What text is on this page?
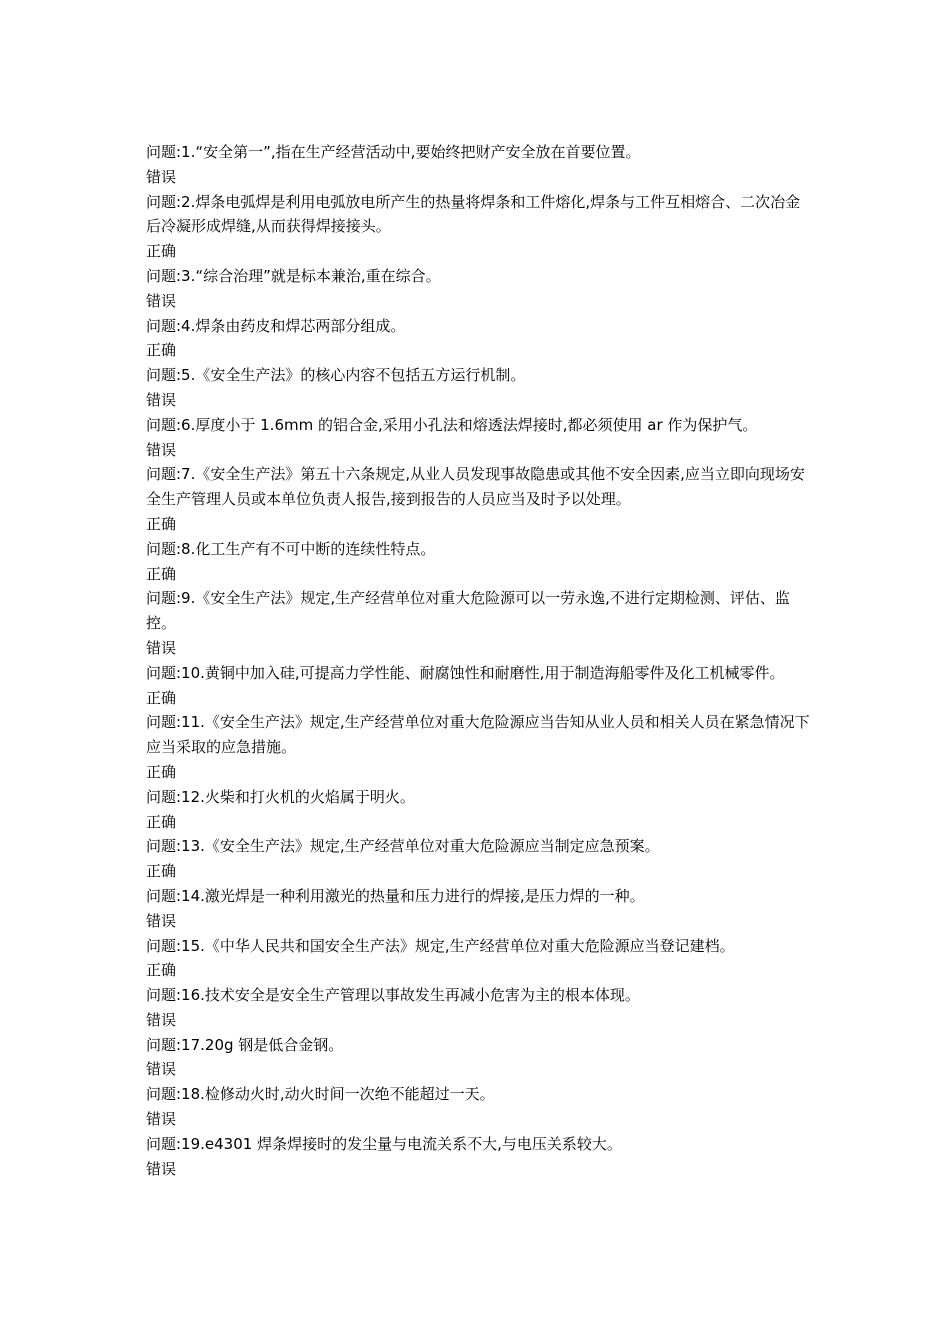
问题:1.“安全第一”,指在生产经营活动中,要始终把财产安全放在首要位置。
错误
问题:2.焊条电弧焊是利用电弧放电所产生的热量将焊条和工件熔化,焊条与工件互相熔合、二次冶金后冷凝形成焊缝,从而获得焊接接头。
正确
问题:3.“综合治理”就是标本兼治,重在综合。
错误
问题:4.焊条由药皮和焊芯两部分组成。
正确
问题:5.《安全生产法》的核心内容不包括五方运行机制。
错误
问题:6.厚度小于 1.6mm 的铝合金,采用小孔法和熔透法焊接时,都必须使用 ar 作为保护气。
错误
问题:7.《安全生产法》第五十六条规定,从业人员发现事故隐患或其他不安全因素,应当立即向现场安全生产管理人员或本单位负责人报告,接到报告的人员应当及时予以处理。
正确
问题:8.化工生产有不可中断的连续性特点。
正确
问题:9.《安全生产法》规定,生产经营单位对重大危险源可以一劳永逸,不进行定期检测、评估、监控。
错误
问题:10.黄铜中加入硅,可提高力学性能、耐腐蚀性和耐磨性,用于制造海船零件及化工机械零件。
正确
问题:11.《安全生产法》规定,生产经营单位对重大危险源应当告知从业人员和相关人员在紧急情况下应当采取的应急措施。
正确
问题:12.火柴和打火机的火焰属于明火。
正确
问题:13.《安全生产法》规定,生产经营单位对重大危险源应当制定应急预案。
正确
问题:14.激光焊是一种利用激光的热量和压力进行的焊接,是压力焊的一种。
错误
问题:15.《中华人民共和国安全生产法》规定,生产经营单位对重大危险源应当登记建档。
正确
问题:16.技术安全是安全生产管理以事故发生再减小危害为主的根本体现。
错误
问题:17.20g 钢是低合金钢。
错误
问题:18.检修动火时,动火时间一次绝不能超过一天。
错误
问题:19.e4301 焊条焊接时的发尘量与电流关系不大,与电压关系较大。
错误
